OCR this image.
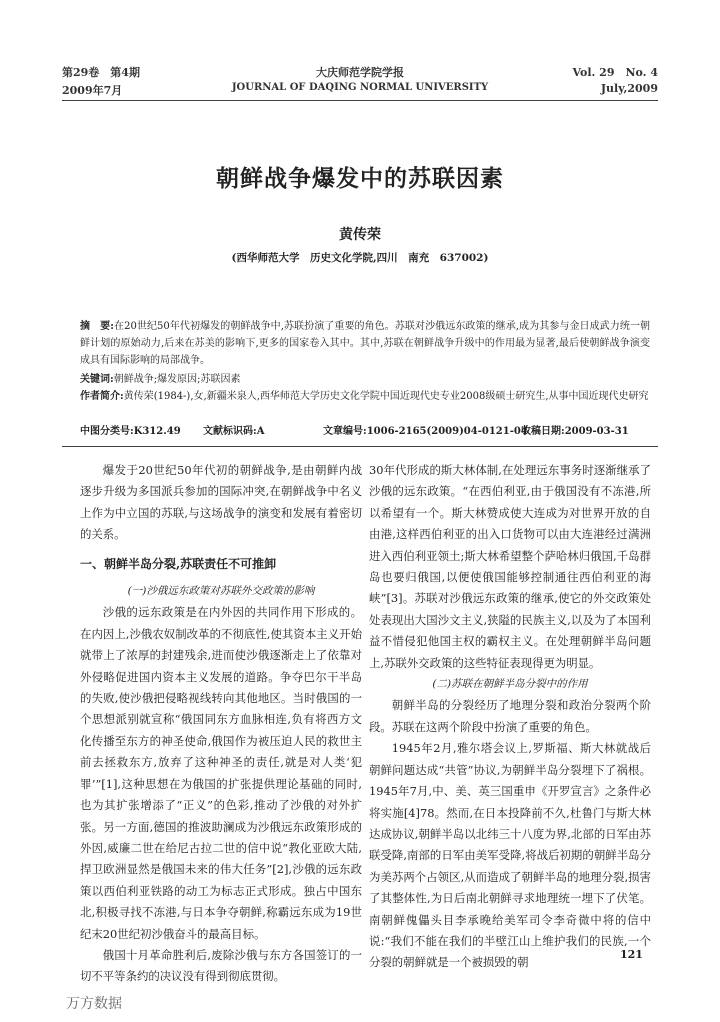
第29卷　第4期
2009年7月
大庆师范学院学报
JOURNAL OF DAQING NORMAL UNIVERSITY
Vol. 29　No. 4
July,2009
朝鲜战争爆发中的苏联因素
黄传荣
(西华师范大学　历史文化学院,四川　南充　637002)
摘　要:在20世纪50年代初爆发的朝鲜战争中,苏联扮演了重要的角色。苏联对沙俄远东政策的继承,成为其参与金日成武力统一朝鲜计划的原始动力,后来在苏美的影响下,更多的国家卷入其中。其中,苏联在朝鲜战争升级中的作用最为显著,最后使朝鲜战争演变成具有国际影响的局部战争。
关键词:朝鲜战争;爆发原因;苏联因素
作者简介:黄传荣(1984-),女,新疆米泉人,西华师范大学历史文化学院中国近现代史专业2008级硕士研究生,从事中国近现代史研究
中图分类号:K312.49 文献标识码:A	文章编号:1006-2165(2009)04-0121-04
收稿日期:2009-03-31

爆发于20世纪50年代初的朝鲜战争,是由朝鲜内战逐步升级为多国派兵参加的国际冲突,在朝鲜战争中名义上作为中立国的苏联,与这场战争的演变和发展有着密切的关系。

一、朝鲜半岛分裂,苏联责任不可推卸
(一)沙俄远东政策对苏联外交政策的影响

沙俄的远东政策是在内外因的共同作用下形成的。在内因上,沙俄农奴制改革的不彻底性,使其资本主义开始就带上了浓厚的封建残余,进而使沙俄逐渐走上了依靠对外侵略促进国内资本主义发展的道路。争夺巴尔干半岛的失败,使沙俄把侵略视线转向其他地区。当时俄国的一个思想派别就宣称“俄国同东方血脉相连,负有将西方文化传播至东方的神圣使命,俄国作为被压迫人民的救世主前去拯救东方,放弃了这种神圣的责任,就是对人类‘犯罪’”[1],这种思想在为俄国的扩张提供理论基础的同时,也为其扩张增添了“正义”的色彩,推动了沙俄的对外扩张。另一方面,德国的推波助澜成为沙俄远东政策形成的外因,威廉二世在给尼古拉二世的信中说“教化亚欧大陆,捍卫欧洲显然是俄国未来的伟大任务”[2],沙俄的远东政策以西伯利亚铁路的动工为标志正式形成。独占中国东北,积极寻找不冻港,与日本争夺朝鲜,称霸远东成为19世纪末20世纪初沙俄奋斗的最高目标。

俄国十月革命胜利后,废除沙俄与东方各国签订的一切不平等条约的决议没有得到彻底贯彻。

30年代形成的斯大林体制,在处理远东事务时逐渐继承了沙俄的远东政策。“在西伯利亚,由于俄国没有不冻港,所以希望有一个。斯大林赞成使大连成为对世界开放的自由港,这样西伯利亚的出入口货物可以由大连港经过满洲进入西伯利亚领土;斯大林希望整个萨哈林归俄国,千岛群岛也要归俄国,以便使俄国能够控制通往西伯利亚的海峡”[3]。苏联对沙俄远东政策的继承,使它的外交政策处处表现出大国沙文主义,狭隘的民族主义,以及为了本国利益不惜侵犯他国主权的霸权主义。在处理朝鲜半岛问题上,苏联外交政策的这些特征表现得更为明显。

(二)苏联在朝鲜半岛分裂中的作用

朝鲜半岛的分裂经历了地理分裂和政治分裂两个阶段。苏联在这两个阶段中扮演了重要的角色。

1945年2月,雅尔塔会议上,罗斯福、斯大林就战后朝鲜问题达成“共管”协议,为朝鲜半岛分裂埋下了祸根。1945年7月,中、美、英三国重申《开罗宣言》之条件必将实施[4]78。然而,在日本投降前不久,杜鲁门与斯大林达成协议,朝鲜半岛以北纬三十八度为界,北部的日军由苏联受降,南部的日军由美军受降,将战后初期的朝鲜半岛分为美苏两个占领区,从而造成了朝鲜半岛的地理分裂,损害了其整体性,为日后南北朝鲜寻求地理统一埋下了伏笔。南朝鲜傀儡头目李承晚给美军司令李奇微中将的信中说:“我们不能在我们的半壁江山上维护我们的民族,一个分裂的朝鲜就是一个被损毁的朝

121
万方数据
